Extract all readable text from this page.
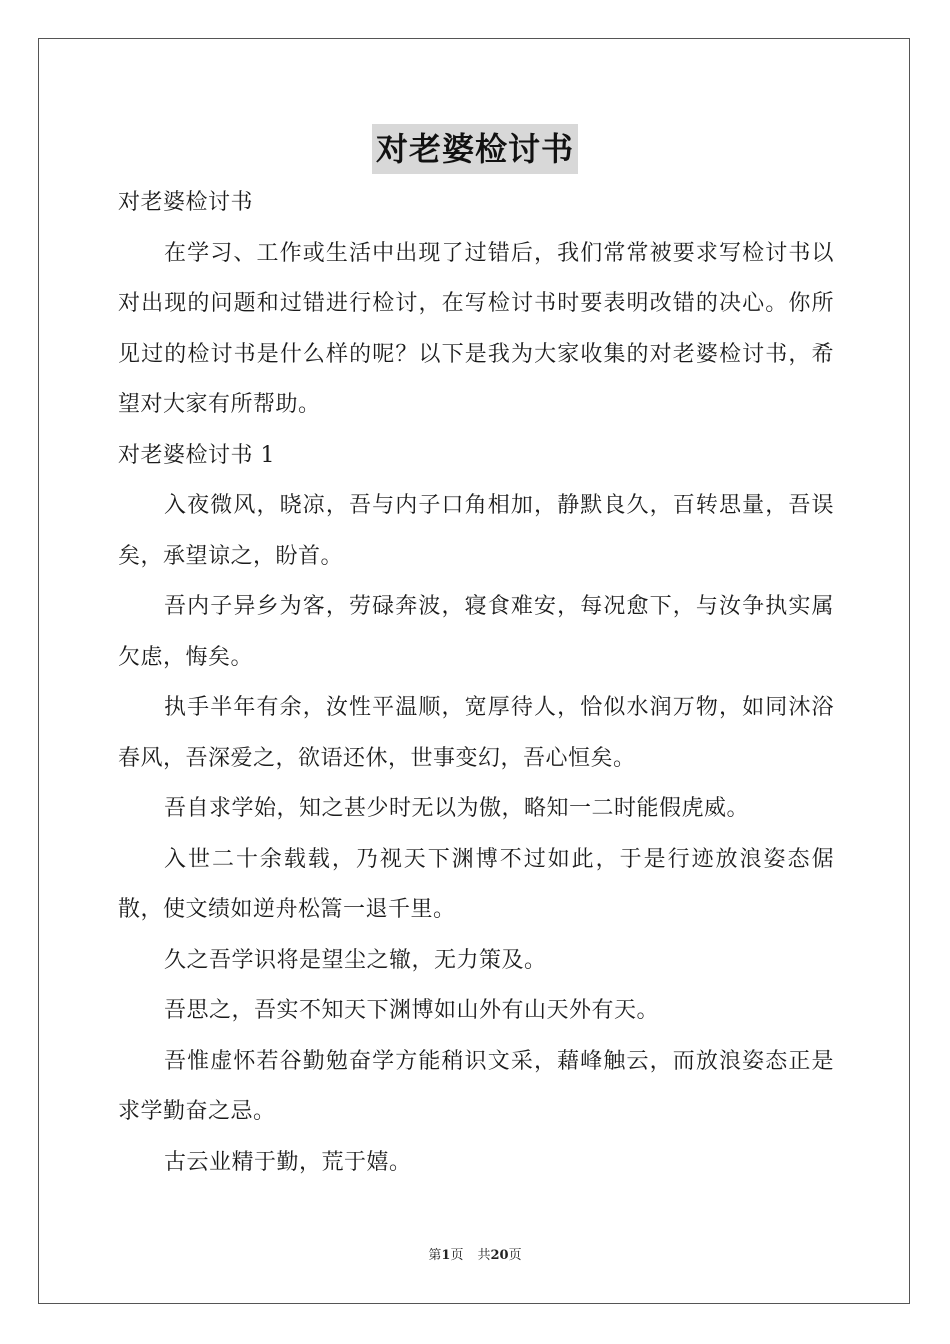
对老婆检讨书

对老婆检讨书

在学习、工作或生活中出现了过错后，我们常常被要求写检讨书以对出现的问题和过错进行检讨，在写检讨书时要表明改错的决心。你所见过的检讨书是什么样的呢？以下是我为大家收集的对老婆检讨书，希望对大家有所帮助。

对老婆检讨书 1

入夜微风，晓凉，吾与内子口角相加，静默良久，百转思量，吾误矣，承望谅之，盼首。

吾内子异乡为客，劳碌奔波，寝食难安，每况愈下，与汝争执实属欠虑，悔矣。

执手半年有余，汝性平温顺，宽厚待人，恰似水润万物，如同沐浴春风，吾深爱之，欲语还休，世事变幻，吾心恒矣。

吾自求学始，知之甚少时无以为傲，略知一二时能假虎威。

入世二十余载载，乃视天下渊博不过如此，于是行迹放浪姿态倨散，使文绩如逆舟松篙一退千里。

久之吾学识将是望尘之辙，无力策及。

吾思之，吾实不知天下渊博如山外有山天外有天。

吾惟虚怀若谷勤勉奋学方能稍识文采，藉峰触云，而放浪姿态正是求学勤奋之忌。

古云业精于勤，荒于嬉。

第1页 共20页
